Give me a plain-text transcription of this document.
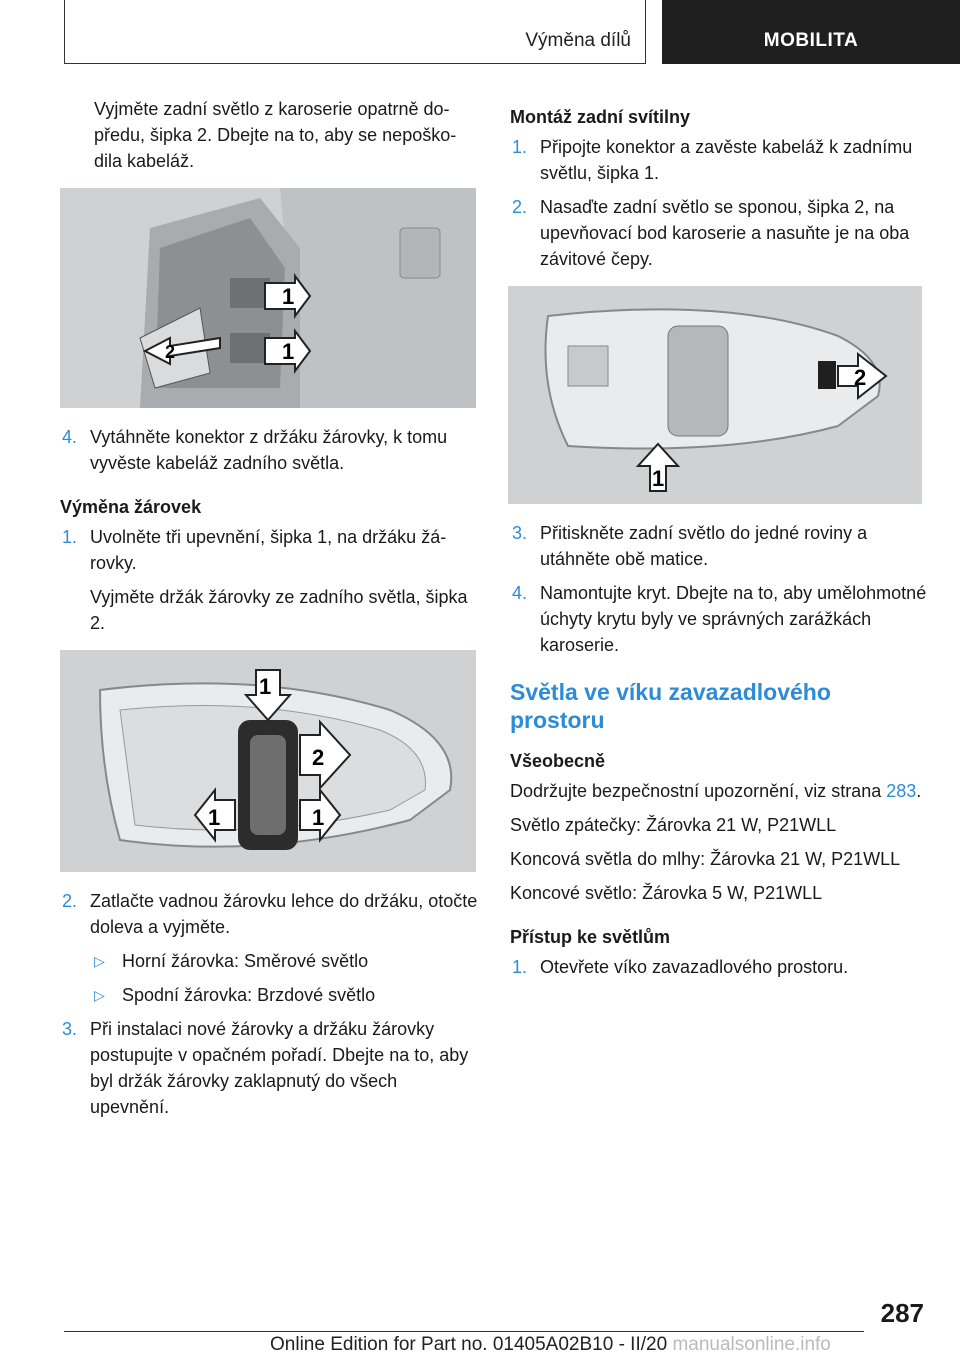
Výměna dílů	MOBILITA

Vyjměte zadní světlo z karoserie opatrně dopředu, šipka 2. Dbejte na to, aby se nepoškodila kabeláž.

1
1
2
4. Vytáhněte konektor z držáku žárovky, k tomu vyvěste kabeláž zadního světla.
Výměna žárovek
1. Uvolněte tři upevnění, šipka 1, na držáku žárovky.

Vyjměte držák žárovky ze zadního světla, šipka 2.

1
2
1	1
2. Zatlačte vadnou žárovku lehce do držáku, otočte doleva a vyjměte.
▷ Horní žárovka: Směrové světlo
▷ Spodní žárovka: Brzdové světlo
3. Při instalaci nové žárovky a držáku žárovky postupujte v opačném pořadí. Dbejte na to, aby byl držák žárovky zaklapnutý do všech upevnění.
Montáž zadní svítilny
1. Připojte konektor a zavěste kabeláž k zadnímu světlu, šipka 1.
2. Nasaďte zadní světlo se sponou, šipka 2, na upevňovací bod karoserie a nasuňte je na oba závitové čepy.
2
1
3. Přitiskněte zadní světlo do jedné roviny a utáhněte obě matice.
4. Namontujte kryt. Dbejte na to, aby umělohmotné úchyty krytu byly ve správných zarážkách karoserie.
Světla ve víku zavazadlového prostoru
Všeobecně

Dodržujte bezpečnostní upozornění, viz strana 283.

Světlo zpátečky: Žárovka 21 W, P21WLL

Koncová světla do mlhy: Žárovka 21 W, P21WLL

Koncové světlo: Žárovka 5 W, P21WLL

Přístup ke světlům
1. Otevřete víko zavazadlového prostoru.
287
Online Edition for Part no. 01405A02B10 - II/20 manualsonline.info
